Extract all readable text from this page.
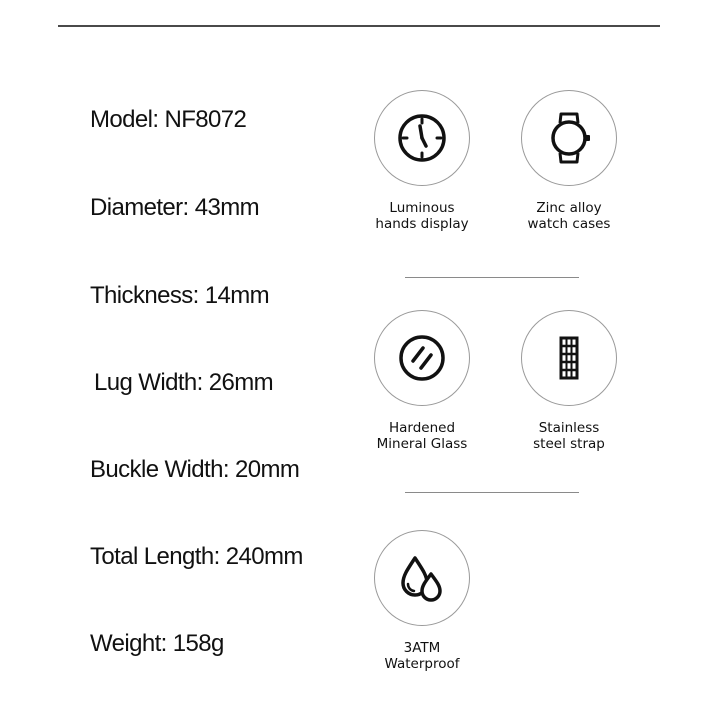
Model: NF8072
Diameter: 43mm
Thickness: 14mm
Lug Width: 26mm
Buckle Width: 20mm
Total Length: 240mm
Weight: 158g
Luminous
hands display
Zinc alloy
watch cases
Hardened
Mineral Glass
Stainless
steel strap
3ATM
Waterproof
